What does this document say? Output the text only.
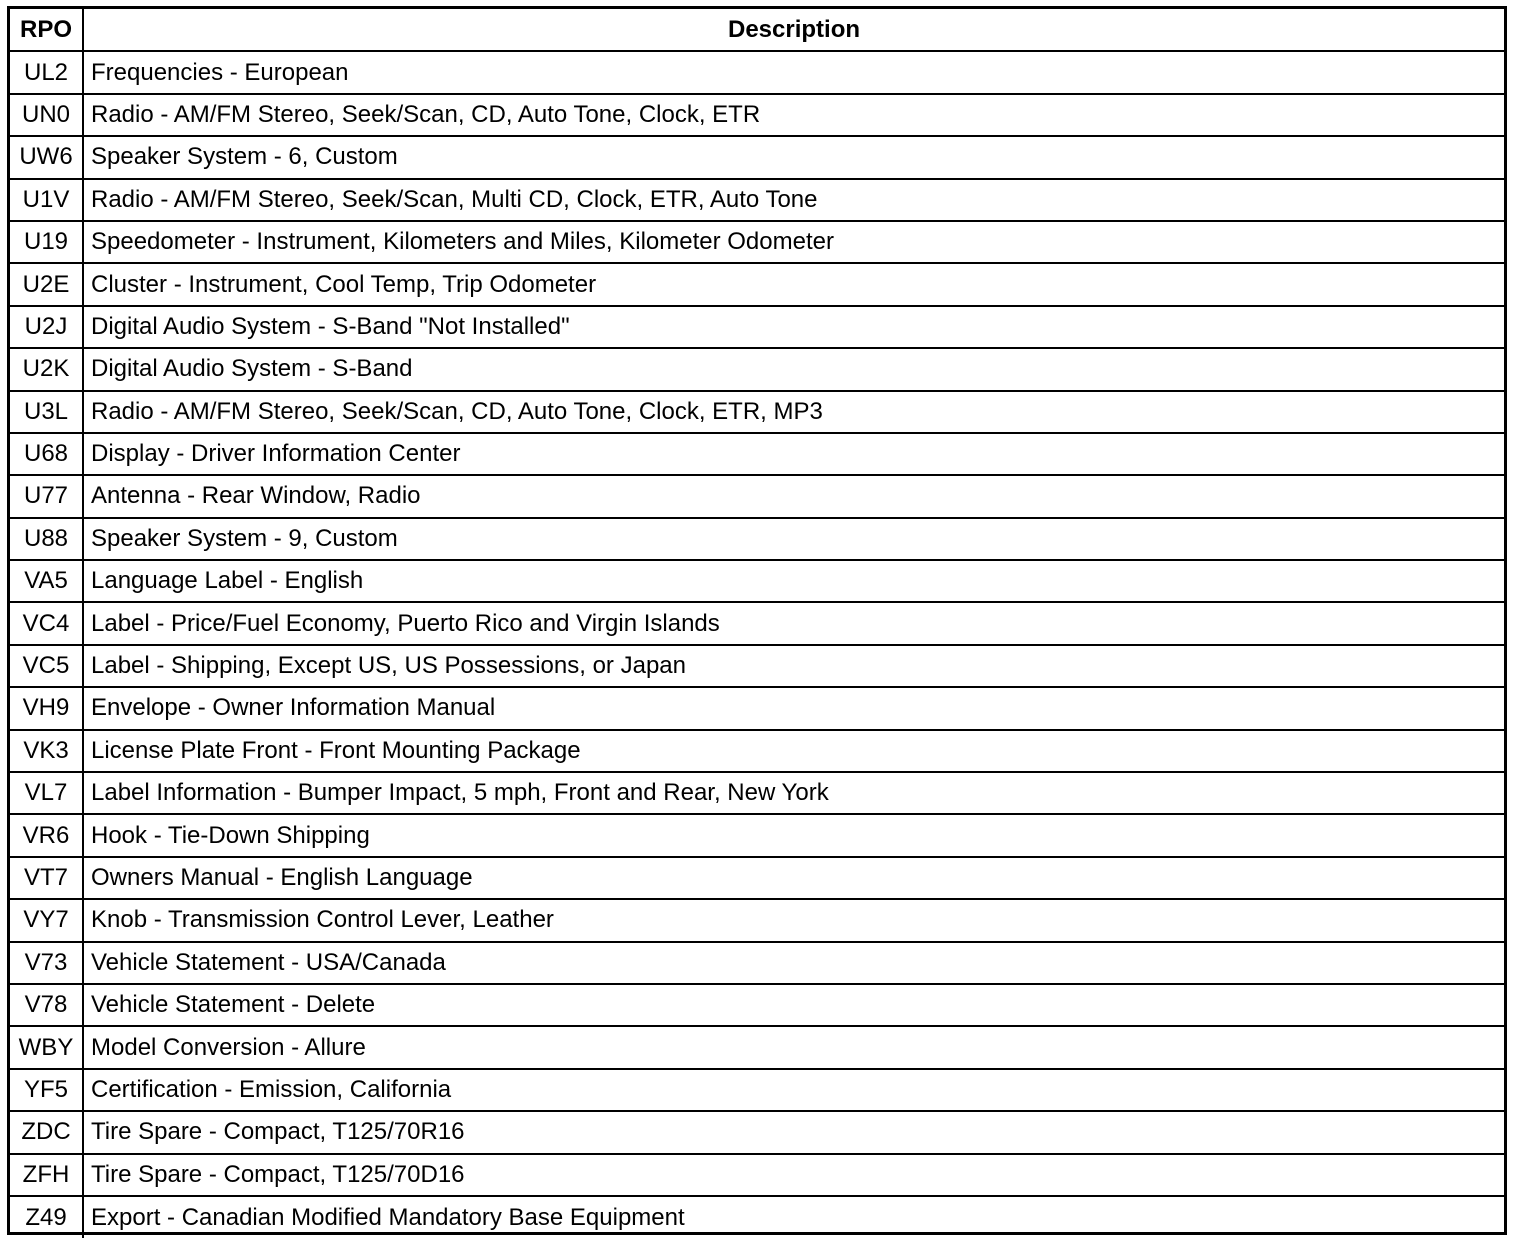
RPO	Description
UL2	Frequencies - European
UN0	Radio - AM/FM Stereo, Seek/Scan, CD, Auto Tone, Clock, ETR
UW6	Speaker System - 6, Custom
U1V	Radio - AM/FM Stereo, Seek/Scan, Multi CD, Clock, ETR, Auto Tone
U19	Speedometer - Instrument, Kilometers and Miles, Kilometer Odometer
U2E	Cluster - Instrument, Cool Temp, Trip Odometer
U2J	Digital Audio System - S-Band "Not Installed"
U2K	Digital Audio System - S-Band
U3L	Radio - AM/FM Stereo, Seek/Scan, CD, Auto Tone, Clock, ETR, MP3
U68	Display - Driver Information Center
U77	Antenna - Rear Window, Radio
U88	Speaker System - 9, Custom
VA5	Language Label - English
VC4	Label - Price/Fuel Economy, Puerto Rico and Virgin Islands
VC5	Label - Shipping, Except US, US Possessions, or Japan
VH9	Envelope - Owner Information Manual
VK3	License Plate Front - Front Mounting Package
VL7	Label Information - Bumper Impact, 5 mph, Front and Rear, New York
VR6	Hook - Tie-Down Shipping
VT7	Owners Manual - English Language
VY7	Knob - Transmission Control Lever, Leather
V73	Vehicle Statement - USA/Canada
V78	Vehicle Statement - Delete
WBY	Model Conversion - Allure
YF5	Certification - Emission, California
ZDC	Tire Spare - Compact, T125/70R16
ZFH	Tire Spare - Compact, T125/70D16
Z49	Export - Canadian Modified Mandatory Base Equipment
